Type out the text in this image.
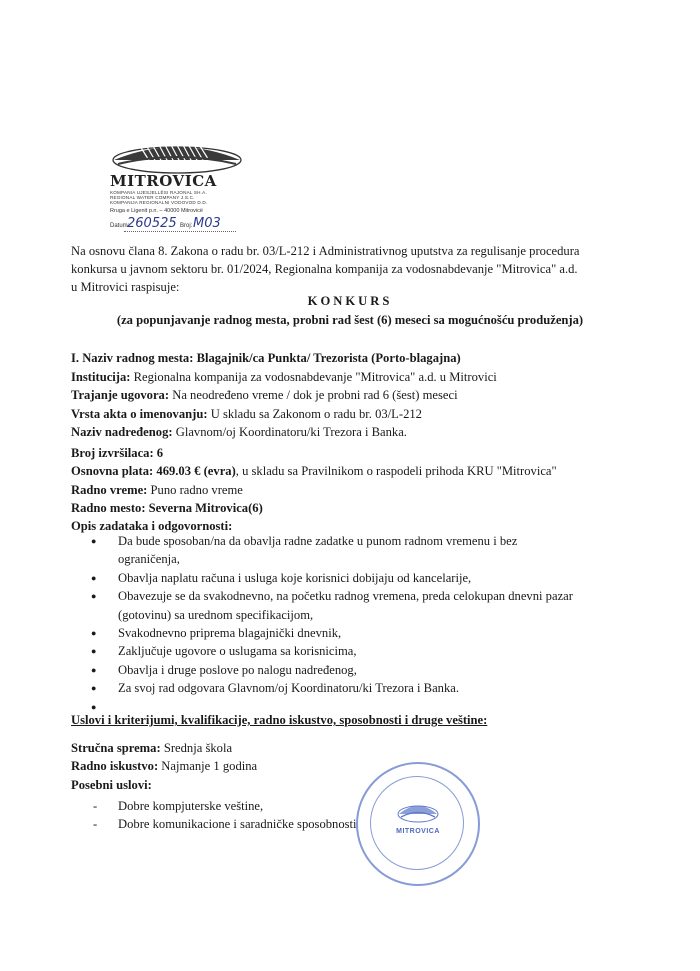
MITROVICA
KOMPANIA UJESJELLËSI RAJONAL SH.A.
REGIONAL WATER COMPANY J.S.C.
KOMPANIJA REGIONALNI VODOVOD D.D.
Rruga e Ligenit p.n. – 40000 Mitrovicë
Datum:
260525 Broj: M03
Na osnovu člana 8. Zakona o radu br. 03/L-212 i Administrativnog uputstva za regulisanje procedura
konkursa u javnom sektoru br. 01/2024, Regionalna kompanija za vodosnabdevanje "Mitrovica" a.d.
u Mitrovici raspisuje:
KONKURS
(za popunjavanje radnog mesta, probni rad šest (6) meseci sa mogućnošću produženja)
I. Naziv radnog mesta: Blagajnik/ca Punkta/ Trezorista (Porto-blagajna)
Institucija: Regionalna kompanija za vodosnabdevanje "Mitrovica" a.d. u Mitrovici
Trajanje ugovora: Na neodređeno vreme / dok je probni rad 6 (šest) meseci
Vrsta akta o imenovanju: U skladu sa Zakonom o radu br. 03/L-212
Naziv nadređenog: Glavnom/oj Koordinatoru/ki Trezora i Banka.
Broj izvršilaca: 6
Osnovna plata: 469.03 € (evra), u skladu sa Pravilnikom o raspodeli prihoda KRU "Mitrovica"
Radno vreme: Puno radno vreme
Radno mesto: Severna Mitrovica(6)
Opis zadataka i odgovornosti:
● Da bude sposoban/na da obavlja radne zadatke u punom radnom vremenu i bez
ograničenja,
● Obavlja naplatu računa i usluga koje korisnici dobijaju od kancelarije,
● Obavezuje se da svakodnevno, na početku radnog vremena, preda celokupan dnevni pazar
(gotovinu) sa urednom specifikacijom,
● Svakodnevno priprema blagajnički dnevnik,
● Zaključuje ugovore o uslugama sa korisnicima,
● Obavlja i druge poslove po nalogu nadređenog,
● Za svoj rad odgovara Glavnom/oj Koordinatoru/ki Trezora i Banka.
●
Uslovi i kriterijumi, kvalifikacije, radno iskustvo, sposobnosti i druge veštine:
Stručna sprema: Srednja škola
Radno iskustvo: Najmanje 1 godina
Posebni uslovi:
- Dobre kompjuterske veštine,
- Dobre komunikacione i saradničke sposobnosti
MITROVICA
